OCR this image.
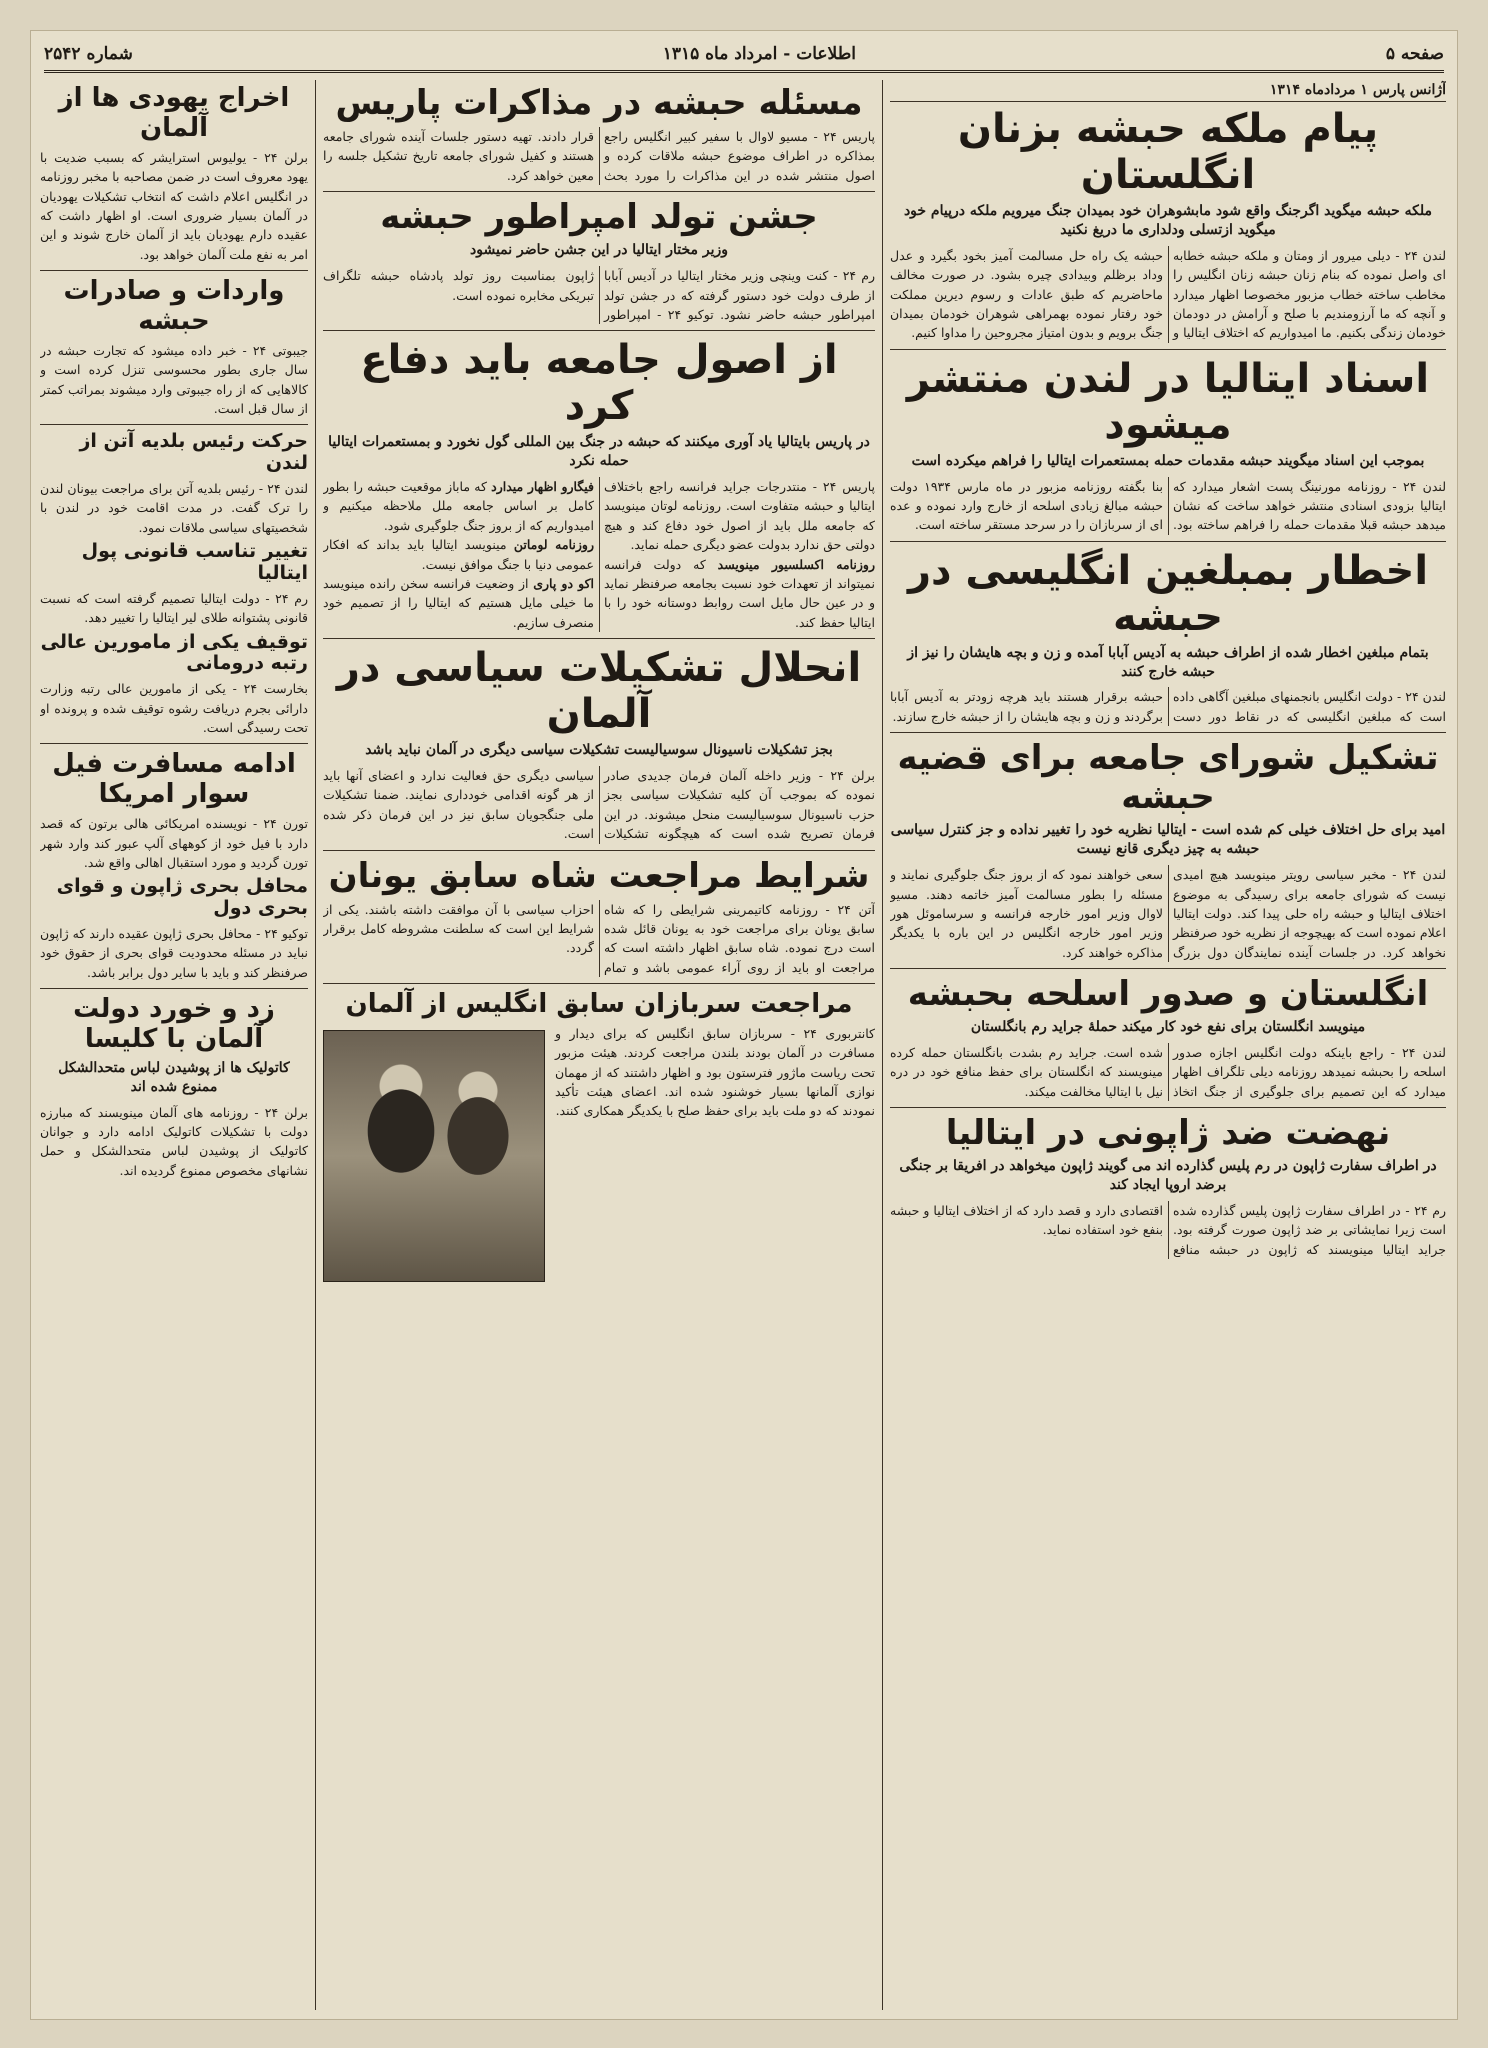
صفحه ۵
اطلاعات - امرداد ماه ۱۳۱۵
شماره ۲۵۴۲
آژانس پارس ۱ مردادماه ۱۳۱۴
پیام ملکه حبشه بزنان انگلستان
ملکه حبشه میگوید اگرجنگ واقع شود مابشوهران خود بمیدان جنگ میرویم ملکه درپیام خود میگوید ازتسلی ودلداری ما دریغ نکنید
لندن ۲۴ - دیلی میرور از ومتان و ملکه حبشه خطابه ای واصل نموده که بنام زنان حبشه زنان انگلیس را مخاطب ساخته خطاب مزبور مخصوصا اظهار میدارد و آنچه که ما آرزومندیم با صلح و آرامش در دودمان خودمان زندگی بکنیم. ما امیدواریم که اختلاف ایتالیا و حبشه یک راه حل مسالمت آمیز بخود بگیرد و عدل وداد برظلم وبیدادی چیره بشود. در صورت مخالف ماحاضریم که طبق عادات و رسوم دیرین مملکت خود رفتار نموده بهمراهی شوهران خودمان بمیدان جنگ برویم و بدون امتیاز مجروحین را مداوا کنیم.
اسناد ایتالیا در لندن منتشر میشود
بموجب این اسناد میگویند حبشه مقدمات حمله بمستعمرات ایتالیا را فراهم میکرده است
لندن ۲۴ - روزنامه مورنینگ پست اشعار میدارد که ایتالیا بزودی اسنادی منتشر خواهد ساخت که نشان میدهد حبشه قبلا مقدمات حمله را فراهم ساخته بود. بنا بگفته روزنامه مزبور در ماه مارس ۱۹۳۴ دولت حبشه مبالغ زیادی اسلحه از خارج وارد نموده و عده ای از سربازان را در سرحد مستقر ساخته است.
اخطار بمبلغین انگلیسی در حبشه
بتمام مبلغین اخطار شده از اطراف حبشه به آدیس آبابا آمده و زن و بچه هایشان را نیز از حبشه خارج کنند
لندن ۲۴ - دولت انگلیس بانجمنهای مبلغین آگاهی داده است که مبلغین انگلیسی که در نقاط دور دست حبشه برقرار هستند باید هرچه زودتر به آدیس آبابا برگردند و زن و بچه هایشان را از حبشه خارج سازند.
تشکیل شورای جامعه برای قضیه حبشه
امید برای حل اختلاف خیلی کم شده است - ایتالیا نظریه خود را تغییر نداده و جز کنترل سیاسی حبشه به چیز دیگری قانع نیست
لندن ۲۴ - مخبر سیاسی رویتر مینویسد هیچ امیدی نیست که شورای جامعه برای رسیدگی به موضوع اختلاف ایتالیا و حبشه راه حلی پیدا کند. دولت ایتالیا اعلام نموده است که بهیچوجه از نظریه خود صرفنظر نخواهد کرد. در جلسات آینده نمایندگان دول بزرگ سعی خواهند نمود که از بروز جنگ جلوگیری نمایند و مسئله را بطور مسالمت آمیز خاتمه دهند. مسیو لاوال وزیر امور خارجه فرانسه و سرساموئل هور وزیر امور خارجه انگلیس در این باره با یکدیگر مذاکره خواهند کرد.
انگلستان و صدور اسلحه بحبشه
مینویسد انگلستان برای نفع خود کار میکند حملهٔ جراید رم بانگلستان
لندن ۲۴ - راجع باینکه دولت انگلیس اجازه صدور اسلحه را بحبشه نمیدهد روزنامه دیلی تلگراف اظهار میدارد که این تصمیم برای جلوگیری از جنگ اتخاذ شده است. جراید رم بشدت بانگلستان حمله کرده مینویسند که انگلستان برای حفظ منافع خود در دره نیل با ایتالیا مخالفت میکند.
نهضت ضد ژاپونی در ایتالیا
در اطراف سفارت ژاپون در رم پلیس گذارده اند می گویند ژاپون میخواهد در افریقا بر جنگی برضد اروپا ایجاد کند
رم ۲۴ - در اطراف سفارت ژاپون پلیس گذارده شده است زیرا نمایشاتی بر ضد ژاپون صورت گرفته بود. جراید ایتالیا مینویسند که ژاپون در حبشه منافع اقتصادی دارد و قصد دارد که از اختلاف ایتالیا و حبشه بنفع خود استفاده نماید.
مسئله حبشه در مذاکرات پاریس
پاریس ۲۴ - مسیو لاوال با سفیر کبیر انگلیس راجع بمذاکره در اطراف موضوع حبشه ملاقات کرده و اصول منتشر شده در این مذاکرات را مورد بحث قرار دادند. تهیه دستور جلسات آینده شورای جامعه هستند و کفیل شورای جامعه تاریخ تشکیل جلسه را معین خواهد کرد.
جشن تولد امپراطور حبشه
وزیر مختار ایتالیا در این جشن حاضر نمیشود
رم ۲۴ - کنت وینچی وزیر مختار ایتالیا در آدیس آبابا از طرف دولت خود دستور گرفته که در جشن تولد امپراطور حبشه حاضر نشود. توکیو ۲۴ - امپراطور ژاپون بمناسبت روز تولد پادشاه حبشه تلگراف تبریکی مخابره نموده است.
از اصول جامعه باید دفاع کرد
در پاریس بایتالیا یاد آوری میکنند که حبشه در جنگ بین المللی گول نخورد و بمستعمرات ایتالیا حمله نکرد
پاریس ۲۴ - منتدرجات جراید فرانسه راجع باختلاف ایتالیا و حبشه متفاوت است. روزنامه لوتان مینویسد که جامعه ملل باید از اصول خود دفاع کند و هیچ دولتی حق ندارد بدولت عضو دیگری حمله نماید.
روزنامه اکسلسیور مینویسد که دولت فرانسه نمیتواند از تعهدات خود نسبت بجامعه صرفنظر نماید و در عین حال مایل است روابط دوستانه خود را با ایتالیا حفظ کند.
فیگارو اظهار میدارد که ماباز موقعیت حبشه را بطور کامل بر اساس جامعه ملل ملاحظه میکنیم و امیدواریم که از بروز جنگ جلوگیری شود.
روزنامه لوماتن مینویسد ایتالیا باید بداند که افکار عمومی دنیا با جنگ موافق نیست.
اکو دو پاری از وضعیت فرانسه سخن رانده مینویسد ما خیلی مایل هستیم که ایتالیا را از تصمیم خود منصرف سازیم.
انحلال تشکیلات سیاسی در آلمان
بجز تشکیلات ناسیونال سوسیالیست تشکیلات سیاسی دیگری در آلمان نباید باشد
برلن ۲۴ - وزیر داخله آلمان فرمان جدیدی صادر نموده که بموجب آن کلیه تشکیلات سیاسی بجز حزب ناسیونال سوسیالیست منحل میشوند. در این فرمان تصریح شده است که هیچگونه تشکیلات سیاسی دیگری حق فعالیت ندارد و اعضای آنها باید از هر گونه اقدامی خودداری نمایند. ضمنا تشکیلات ملی جنگجویان سابق نیز در این فرمان ذکر شده است.
شرایط مراجعت شاه سابق یونان
آتن ۲۴ - روزنامه کاتیمرینی شرایطی را که شاه سابق یونان برای مراجعت خود به یونان قائل شده است درج نموده. شاه سابق اظهار داشته است که مراجعت او باید از روی آراء عمومی باشد و تمام احزاب سیاسی با آن موافقت داشته باشند. یکی از شرایط این است که سلطنت مشروطه کامل برقرار گردد.
مراجعت سربازان سابق انگلیس از آلمان
کانتربوری ۲۴ - سربازان سابق انگلیس که برای دیدار و مسافرت در آلمان بودند بلندن مراجعت کردند. هیئت مزبور تحت ریاست ماژور فترستون بود و اظهار داشتند که از مهمان نوازی آلمانها بسیار خوشنود شده اند. اعضای هیئت تأکید نمودند که دو ملت باید برای حفظ صلح با یکدیگر همکاری کنند.
اخراج یهودی ها از آلمان
برلن ۲۴ - یولیوس استرایشر که بسبب ضدیت با یهود معروف است در ضمن مصاحبه با مخبر روزنامه در انگلیس اعلام داشت که انتخاب تشکیلات یهودیان در آلمان بسیار ضروری است. او اظهار داشت که عقیده دارم یهودیان باید از آلمان خارج شوند و این امر به نفع ملت آلمان خواهد بود.
واردات و صادرات حبشه
جیبوتی ۲۴ - خبر داده میشود که تجارت حبشه در سال جاری بطور محسوسی تنزل کرده است و کالاهایی که از راه جیبوتی وارد میشوند بمراتب کمتر از سال قبل است.
حرکت رئیس بلدیه آتن از لندن
لندن ۲۴ - رئیس بلدیه آتن برای مراجعت بیونان لندن را ترک گفت. در مدت اقامت خود در لندن با شخصیتهای سیاسی ملاقات نمود.
تغییر تناسب قانونی پول ایتالیا
رم ۲۴ - دولت ایتالیا تصمیم گرفته است که نسبت قانونی پشتوانه طلای لیر ایتالیا را تغییر دهد.
توقیف یکی از مامورین عالی رتبه درومانی
بخارست ۲۴ - یکی از مامورین عالی رتبه وزارت دارائی بجرم دریافت رشوه توقیف شده و پرونده او تحت رسیدگی است.
ادامه مسافرت فیل سوار امریکا
تورن ۲۴ - نویسنده امریکائی هالی برتون که قصد دارد با فیل خود از کوههای آلپ عبور کند وارد شهر تورن گردید و مورد استقبال اهالی واقع شد.
محافل بحری ژاپون و قوای بحری دول
توکیو ۲۴ - محافل بحری ژاپون عقیده دارند که ژاپون نباید در مسئله محدودیت قوای بحری از حقوق خود صرفنظر کند و باید با سایر دول برابر باشد.
زد و خورد دولت آلمان با کلیسا
کاتولیک ها از پوشیدن لباس متحدالشکل ممنوع شده اند
برلن ۲۴ - روزنامه های آلمان مینویسند که مبارزه دولت با تشکیلات کاتولیک ادامه دارد و جوانان کاتولیک از پوشیدن لباس متحدالشکل و حمل نشانهای مخصوص ممنوع گردیده اند.
